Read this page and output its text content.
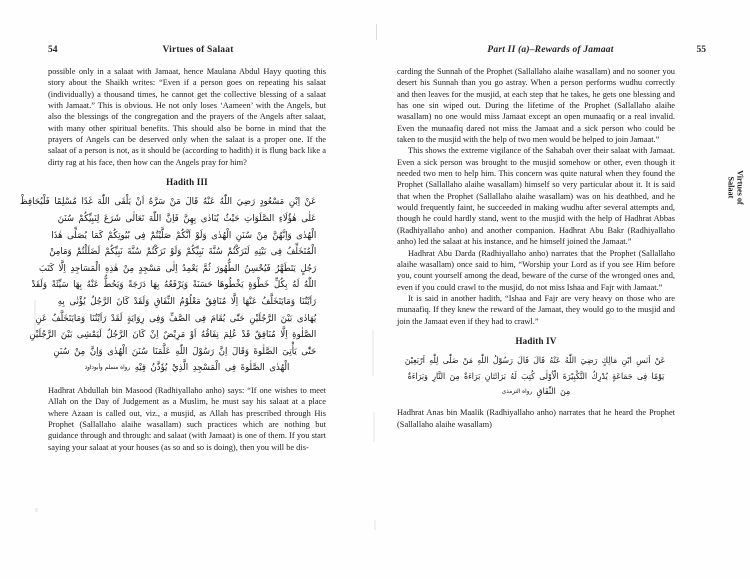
54	Virtues of Salaat

possible only in a salaat with Jamaat, hence Maulana Abdul Hayy quoting this story about the Shaikh writes: “Even if a person goes on repeating his salaat (individually) a thousand times, he cannot get the collective blessing of a salaat with Jamaat.” This is obvious. He not only loses ‘Aameen’ with the Angels, but also the blessings of the congregation and the prayers of the Angels after salaat, with many other spiritual benefits. This should also be borne in mind that the prayers of Angels can be deserved only when the salaat is a proper one. If the salaat of a person is not, as it should be (according to hadith) it is flung back like a dirty rag at his face, then how can the Angels pray for him?

Hadith III
عَنْ اِبْنِ مَسْعُودٍ رَضِيَ اللّٰهُ عَنْهُ قَالَ مَنْ سَرَّهُ اَنْ يَلْقَى اللّٰهَ غَدًا مُسْلِمًا فَلْيُحَافِظْ
عَلٰى هٰؤُلَاءِ الصَّلَوَاتِ حَيْثُ يُنَادٰى بِهِنَّ فَاِنَّ اللّٰهَ تَعَالٰى شَرَعَ لِنَبِيِّكُمْ سُنَنَ
الْهُدٰى وَاِنَّهُنَّ مِنْ سُنَنِ الْهُدٰى وَلَوْ اَنَّكُمْ صَلَّيْتُمْ فِى بُيُوتِكُمْ كَمَا يُصَلِّى هٰذَا
الْمُتَخَلِّفُ فِى بَيْتِهِ لَتَرَكْتُمْ سُنَّةَ نَبِيِّكُمْ وَلَوْ تَرَكْتُمْ سُنَّةَ نَبِيِّكُمْ لَضَلَلْتُمْ وَمَامِنْ
رَجُلٍ يَتَطَهَّرُ فَيُحْسِنُ الطُّهُورَ ثُمَّ يَعْمِدُ اِلٰى مَسْجِدٍ مِنْ هٰذِهِ الْمَسَاجِدِ اِلَّا كَتَبَ
اللّٰهُ لَهُ بِكُلِّ خَطْوَةٍ يَخْطُوهَا حَسَنَةً وَيَرْفَعُهُ بِهَا دَرَجَةً وَيَحُطُّ عَنْهُ بِهَا سَيِّئَةً وَلَقَدْ
رَاَيْتُنَا وَمَايَتَخَلَّفُ عَنْهَا اِلَّا مُنَافِقٌ مَعْلُوْمُ النِّفَاقِ وَلَقَدْ كَانَ الرَّجُلُ يُؤْتٰى بِهِ
يُهَادٰى بَيْنَ الرَّجُلَيْنِ حَتّٰى يُقَامَ فِى الصَّفِّ وَفِى رِوَايَةٍ لَقَدْ رَاَيْتُنَا وَمَايَتَخَلَّفُ عَنِ
الصَّلٰوةِ اِلَّا مُنَافِقٌ قَدْ عُلِمَ نِفَاقُهُ اَوْ مَرِيْضٌ اِنْ كَانَ الرَّجُلُ لَيَمْشِى بَيْنَ الرَّجُلَيْنِ
حَتّٰى يَأْتِىَ الصَّلٰوةَ وَقَالَ اِنَّ رَسُوْلَ اللّٰهِ عَلَّمَنَا سُنَنَ الْهُدٰى وَاِنَّ مِنْ سُنَنِ
الْهُدٰى الصَّلٰوةَ فِى الْمَسْجِدِ الَّذِيْ يُؤَذَّنُ فِيْهِ رواه مسلم وأبوداود

Hadhrat Abdullah bin Masood (Radhiyallaho anho) says: “If one wishes to meet Allah on the Day of Judgement as a Muslim, he must say his salaat at a place where Azaan is called out, viz., a musjid, as Allah has prescribed through His Prophet (Sallallaho alaihe wasallam) such practices which are nothing but guidance through and through: and salaat (with Jamaat) is one of them. If you start saying your salaat at your houses (as so and so is doing), then you will be dis-

55
Part II (a)–Rewards of Jamaat

carding the Sunnah of the Prophet (Sallallaho alaihe wasallam) and no sooner you desert his Sunnah than you go astray. When a person performs wudhu correctly and then leaves for the musjid, at each step that he takes, he gets one blessing and has one sin wiped out. During the lifetime of the Prophet (Sallallaho alaihe wasallam) no one would miss Jamaat except an open munaafiq or a real invalid. Even the munaafiq dared not miss the Jamaat and a sick person who could be taken to the musjid with the help of two men would be helped to join Jamaat.”

This shows the extreme vigilance of the Sahabah over their salaat with Jamaat. Even a sick person was brought to the musjid somehow or other, even though it needed two men to help him. This concern was quite natural when they found the Prophet (Sallallaho alaihe wasallam) himself so very particular about it. It is said that when the Prophet (Sallallaho alaihe wasallam) was on his deathbed, and he would frequently faint, he succeeded in making wudhu after several attempts and, though he could hardly stand, went to the musjid with the help of Hadhrat Abbas (Radhiyallaho anho) and another companion. Hadhrat Abu Bakr (Radhiyallaho anho) led the salaat at his instance, and he himself joined the Jamaat.”

Hadhrat Abu Darda (Radhiyallaho anho) narrates that the Prophet (Sallallaho alaihe wasallam) once said to him, “Worship your Lord as if you see Him before you, count yourself among the dead, beware of the curse of the wronged ones and, even if you could crawl to the musjid, do not miss Ishaa and Fajr with Jamaat.”

It is said in another hadith, “Ishaa and Fajr are very heavy on those who are munaafiq. If they knew the reward of the Jamaat, they would go to the musjid and join the Jamaat even if they had to crawl.”

Hadith IV
عَنْ اَنَسِ ابْنِ مَالِكٍ رَضِيَ اللّٰهُ عَنْهُ قَالَ قَالَ رَسُوْلُ اللّٰهِ مَنْ صَلّٰى لِلّٰهِ اَرْبَعِيْنَ
يَوْمًا فِى جَمَاعَةٍ يُدْرِكُ التَّكْبِيْرَةَ الْاُوْلٰى كُتِبَ لَهُ بَرَائَتَانِ بَرَاءَةٌ مِنَ النَّارِ وَبَرَاءَةٌ
مِنَ النِّفَاقِ رواه الترمذى

Hadhrat Anas bin Maalik (Radhiyallaho anho) narrates that he heard the Prophet (Sallallaho alaihe wasallam)

Virtues of
Salaat
